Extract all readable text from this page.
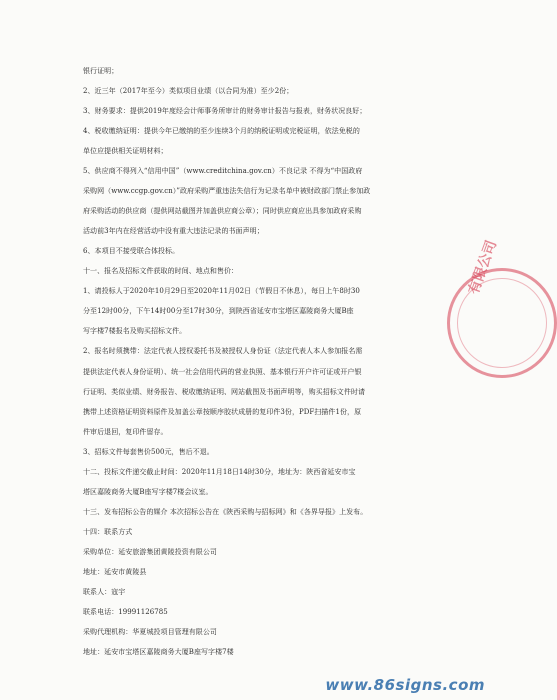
银行证明；
2、近三年（2017年至今）类似项目业绩（以合同为准）至少2份；
3、财务要求：提供2019年度经会计师事务所审计的财务审计报告与报表，财务状况良好；
4、税收缴纳证明：提供今年已缴纳的至少连续3个月的纳税证明或完税证明，依法免税的
单位应提供相关证明材料；
5、供应商不得列入“信用中国”（www.creditchina.gov.cn）不良记录 不得为“中国政府
采购网（www.ccgp.gov.cn）”政府采购严重违法失信行为记录名单中被财政部门禁止参加政
府采购活动的供应商（提供网站截图并加盖供应商公章）；同时供应商应出具参加政府采购
活动前3年内在经营活动中没有重大违法记录的书面声明；
6、本项目不接受联合体投标。
十一、报名及招标文件获取的时间、地点和售价：
1、请投标人于2020年10月29日至2020年11月02日（节假日不休息），每日上午8时30
分至12时00分，下午14时00分至17时30分，到陕西省延安市宝塔区嘉陵商务大厦B座
写字楼7楼报名及购买招标文件。
2、报名时须携带：法定代表人授权委托书及被授权人身份证（法定代表人本人参加报名需
提供法定代表人身份证明）、统一社会信用代码的营业执照、基本银行开户许可证或开户银
行证明、类似业绩、财务报告、税收缴纳证明、网站截图及书面声明等，购买招标文件时请
携带上述资格证明资料原件及加盖公章按顺序胶状成册的复印件3份，PDF扫描件1份，原
件审后退回，复印件留存。
3、招标文件每套售价500元，售后不退。
十二、投标文件递交截止时间：2020年11月18日14时30分，地址为：陕西省延安市宝
塔区嘉陵商务大厦B座写字楼7楼会议室。
十三、发布招标公告的媒介 本次招标公告在《陕西采购与招标网》和《各界导报》上发布。
十四：联系方式
采购单位：延安旅游集团黄陵投资有限公司
地址：延安市黄陵县
联系人：寇宇
联系电话：19991126785
采购代理机构：华夏城投项目管理有限公司
地址：延安市宝塔区嘉陵商务大厦B座写字楼7楼
有限公司
www.86signs.com
